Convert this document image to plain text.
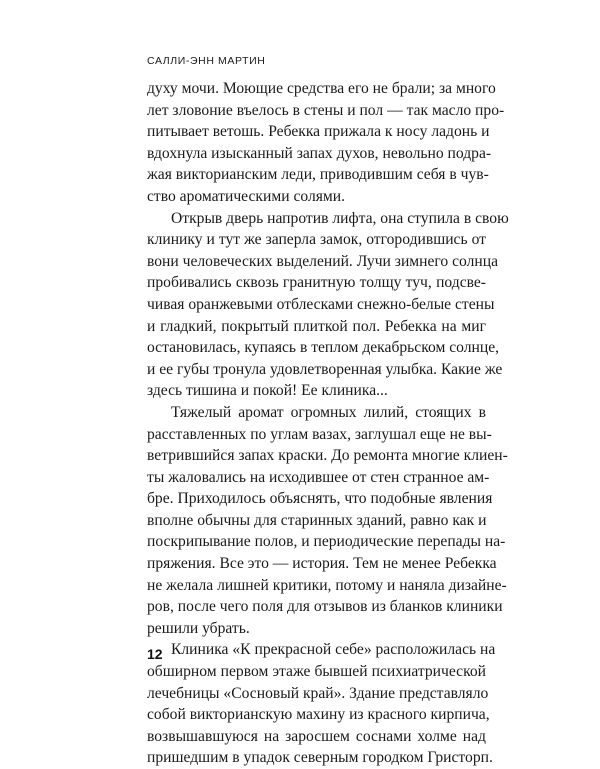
САЛЛИ-ЭНН МАРТИН

духу мочи. Моющие средства его не брали; за много
лет зловоние въелось в стены и пол — так масло про-
питывает ветошь. Ребекка прижала к носу ладонь и
вдохнула изысканный запах духов, невольно подра-
жая викторианским леди, приводившим себя в чув-
ство ароматическими солями.

Открыв дверь напротив лифта, она ступила в свою
клинику и тут же заперла замок, отгородившись от
вони человеческих выделений. Лучи зимнего солнца
пробивались сквозь гранитную толщу туч, подсве-
чивая оранжевыми отблесками снежно-белые стены
и гладкий, покрытый плиткой пол. Ребекка на миг
остановилась, купаясь в теплом декабрьском солнце,
и ее губы тронула удовлетворенная улыбка. Какие же
здесь тишина и покой! Ее клиника...

Тяжелый аромат огромных лилий, стоящих в
расставленных по углам вазах, заглушал еще не вы-
ветрившийся запах краски. До ремонта многие клиен-
ты жаловались на исходившее от стен странное ам-
бре. Приходилось объяснять, что подобные явления
вполне обычны для старинных зданий, равно как и
поскрипывание полов, и периодические перепады на-
пряжения. Все это — история. Тем не менее Ребекка
не желала лишней критики, потому и наняла дизайне-
ров, после чего поля для отзывов из бланков клиники
решили убрать.

Клиника «К прекрасной себе» расположилась на
обширном первом этаже бывшей психиатрической
лечебницы «Сосновый край». Здание представляло
собой викторианскую махину из красного кирпича,
возвышавшуюся на заросшем соснами холме над
пришедшим в упадок северным городком Гристорп.

12
